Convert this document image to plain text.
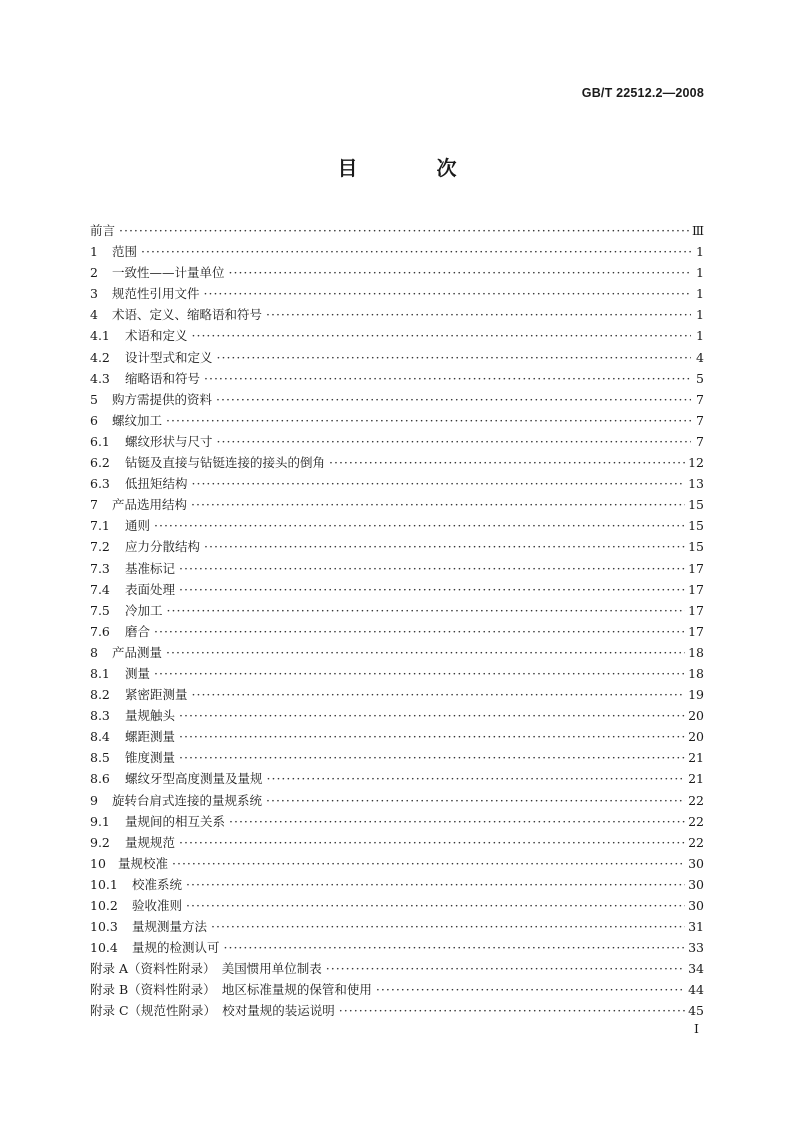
GB/T 22512.2—2008
目 次
前言 ·····	Ⅲ
1	范围 ·····	1
2	一致性——计量单位 ·····	1
3	规范性引用文件 ·····	1
4	术语、定义、缩略语和符号 ·····	1
4.1	术语和定义 ·····	1
4.2	设计型式和定义 ·····	4
4.3	缩略语和符号 ·····	5
5	购方需提供的资料 ·····	7
6	螺纹加工 ·····	7
6.1	螺纹形状与尺寸 ·····	7
6.2	钻铤及直接与钻铤连接的接头的倒角 ·····	12
6.3	低扭矩结构 ·····	13
7	产品选用结构 ·····	15
7.1	通则 ·····	15
7.2	应力分散结构 ·····	15
7.3	基准标记 ·····	17
7.4	表面处理 ·····	17
7.5	冷加工 ·····	17
7.6	磨合 ·····	17
8	产品测量 ·····	18
8.1	测量 ·····	18
8.2	紧密距测量 ·····	19
8.3	量规触头 ·····	20
8.4	螺距测量 ·····	20
8.5	锥度测量 ·····	21
8.6	螺纹牙型高度测量及量规 ·····	21
9	旋转台肩式连接的量规系统 ·····	22
9.1	量规间的相互关系 ·····	22
9.2	量规规范 ·····	22
10 量规校准 ·····	30
10.1	校准系统 ·····	30
10.2	验收准则 ·····	30
10.3	量规测量方法 ·····	31
10.4	量规的检测认可 ·····	33
附录 A（资料性附录）　美国惯用单位制表 ·····	34
附录 B（资料性附录）　地区标准量规的保管和使用 ·····	44
附录 C（规范性附录）　校对量规的装运说明 ·····	45
I
